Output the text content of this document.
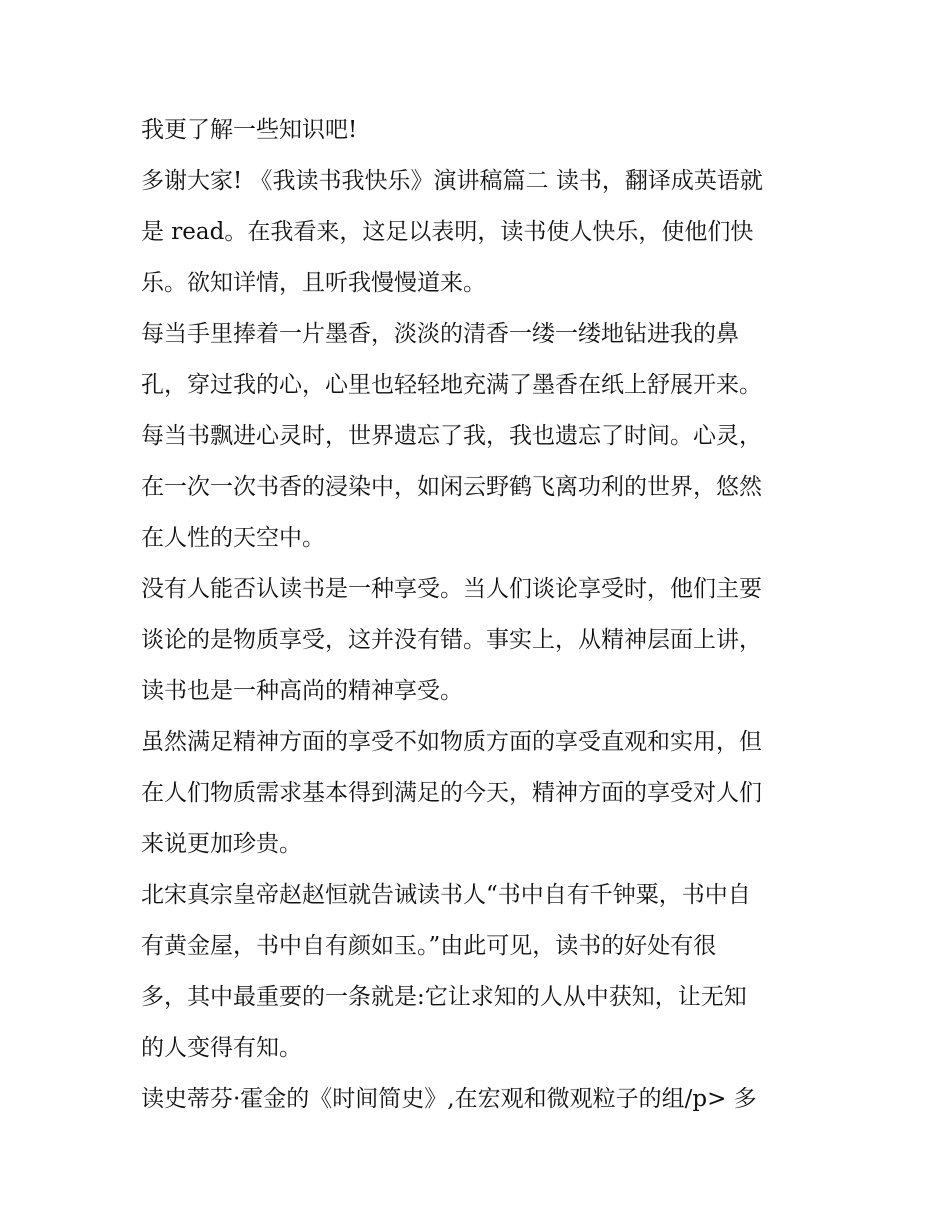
我更了解一些知识吧!
多谢大家! 《我读书我快乐》演讲稿篇二 读书，翻译成英语就
是 read。在我看来，这足以表明，读书使人快乐，使他们快
乐。欲知详情，且听我慢慢道来。
每当手里捧着一片墨香，淡淡的清香一缕一缕地钻进我的鼻
孔，穿过我的心，心里也轻轻地充满了墨香在纸上舒展开来。
每当书飘进心灵时，世界遗忘了我，我也遗忘了时间。心灵，
在一次一次书香的浸染中，如闲云野鹤飞离功利的世界，悠然
在人性的天空中。
没有人能否认读书是一种享受。当人们谈论享受时，他们主要
谈论的是物质享受，这并没有错。事实上，从精神层面上讲，
读书也是一种高尚的精神享受。
虽然满足精神方面的享受不如物质方面的享受直观和实用，但
在人们物质需求基本得到满足的今天，精神方面的享受对人们
来说更加珍贵。
北宋真宗皇帝赵赵恒就告诫读书人“书中自有千钟粟，书中自
有黄金屋，书中自有颜如玉。”由此可见，读书的好处有很
多，其中最重要的一条就是:它让求知的人从中获知，让无知
的人变得有知。
读史蒂芬·霍金的《时间简史》,在宏观和微观粒子的组/p> 多
